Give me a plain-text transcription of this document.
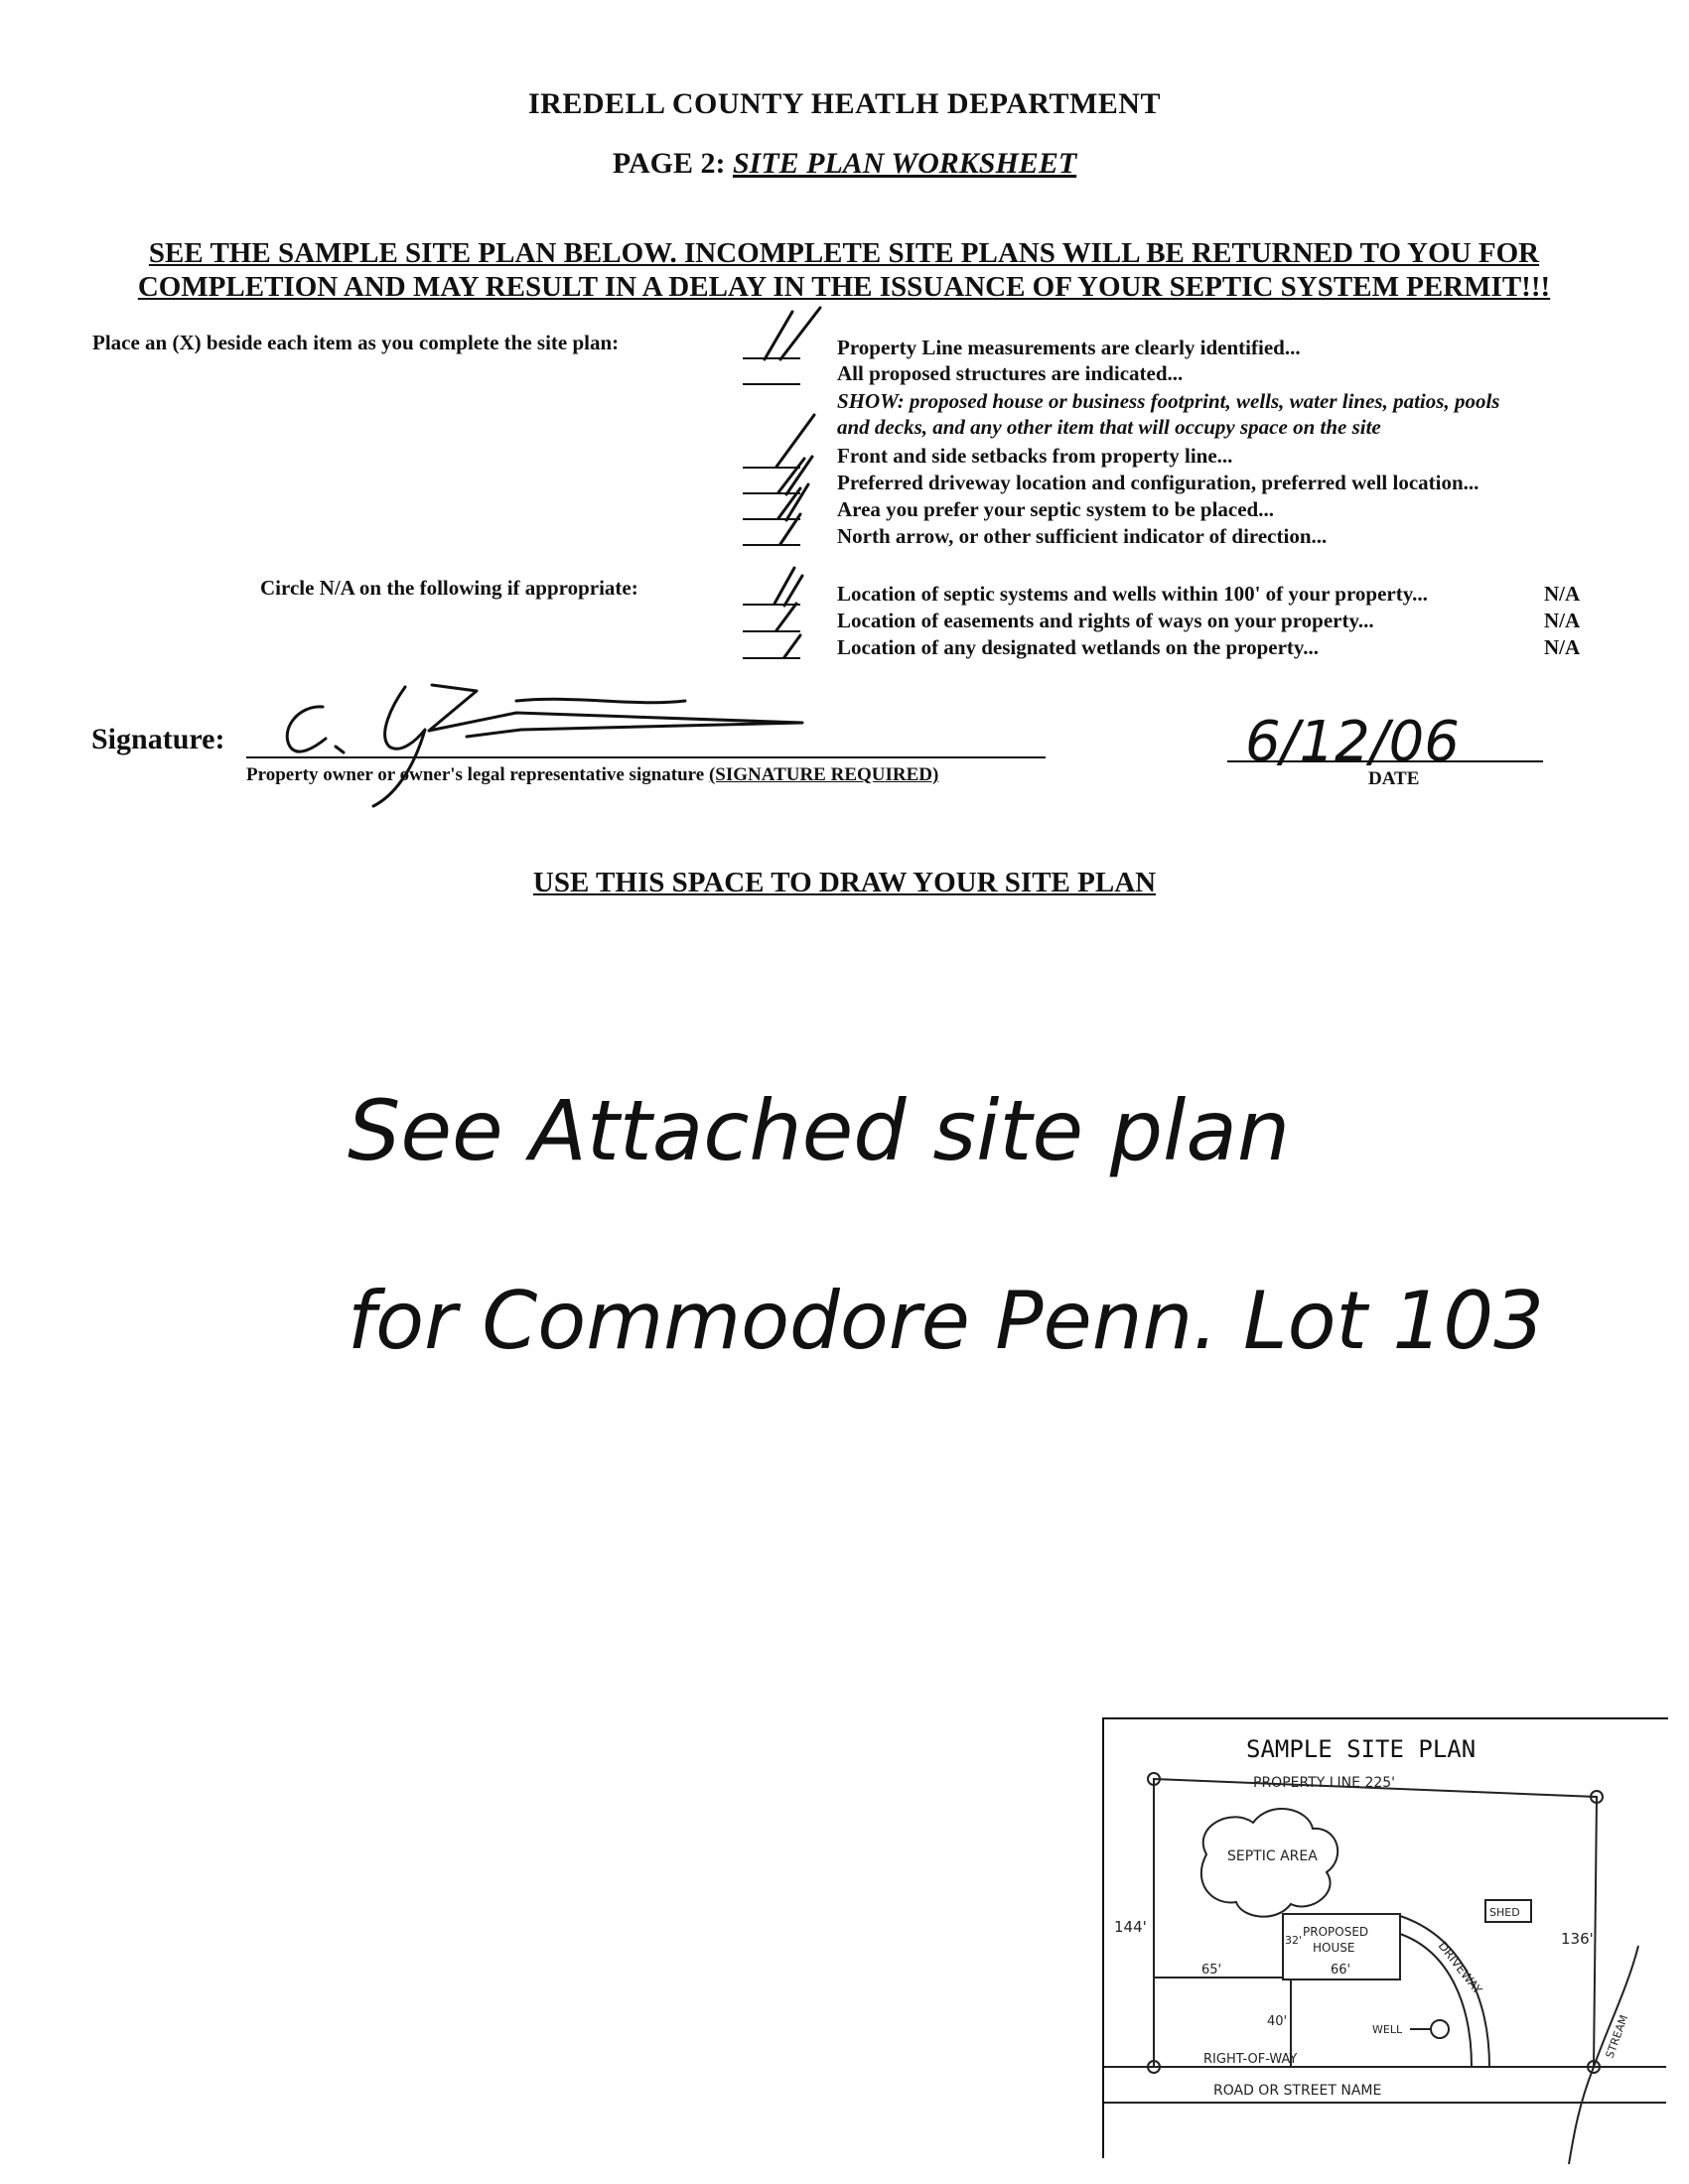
IREDELL COUNTY HEATLH DEPARTMENT
PAGE 2: SITE PLAN WORKSHEET
SEE THE SAMPLE SITE PLAN BELOW. INCOMPLETE SITE PLANS WILL BE RETURNED TO YOU FOR
COMPLETION AND MAY RESULT IN A DELAY IN THE ISSUANCE OF YOUR SEPTIC SYSTEM PERMIT!!!
Place an (X) beside each item as you complete the site plan:	Property Line measurements are clearly identified...
All proposed structures are indicated...
SHOW: proposed house or business footprint, wells, water lines, patios, pools
and decks, and any other item that will occupy space on the site
Front and side setbacks from property line...
Preferred driveway location and configuration, preferred well location...
Area you prefer your septic system to be placed...
North arrow, or other sufficient indicator of direction...
Circle N/A on the following if appropriate:	Location of septic systems and wells within 100' of your property...	N/A
Location of easements and rights of ways on your property...	N/A
Location of any designated wetlands on the property...	N/A
Signature:
Property owner or owner's legal representative signature (SIGNATURE REQUIRED)	DATE
USE THIS SPACE TO DRAW YOUR SITE PLAN
6/12/06
See Attached site plan
for Commodore Penn. Lot 103
SAMPLE SITE PLAN
PROPERTY LINE 225'
SEPTIC AREA
SHED
144'
136'
PROPOSED
HOUSE
66'
32'
65'
40'
WELL
RIGHT-OF-WAY
ROAD OR STREET NAME
DRIVEWAY
STREAM
